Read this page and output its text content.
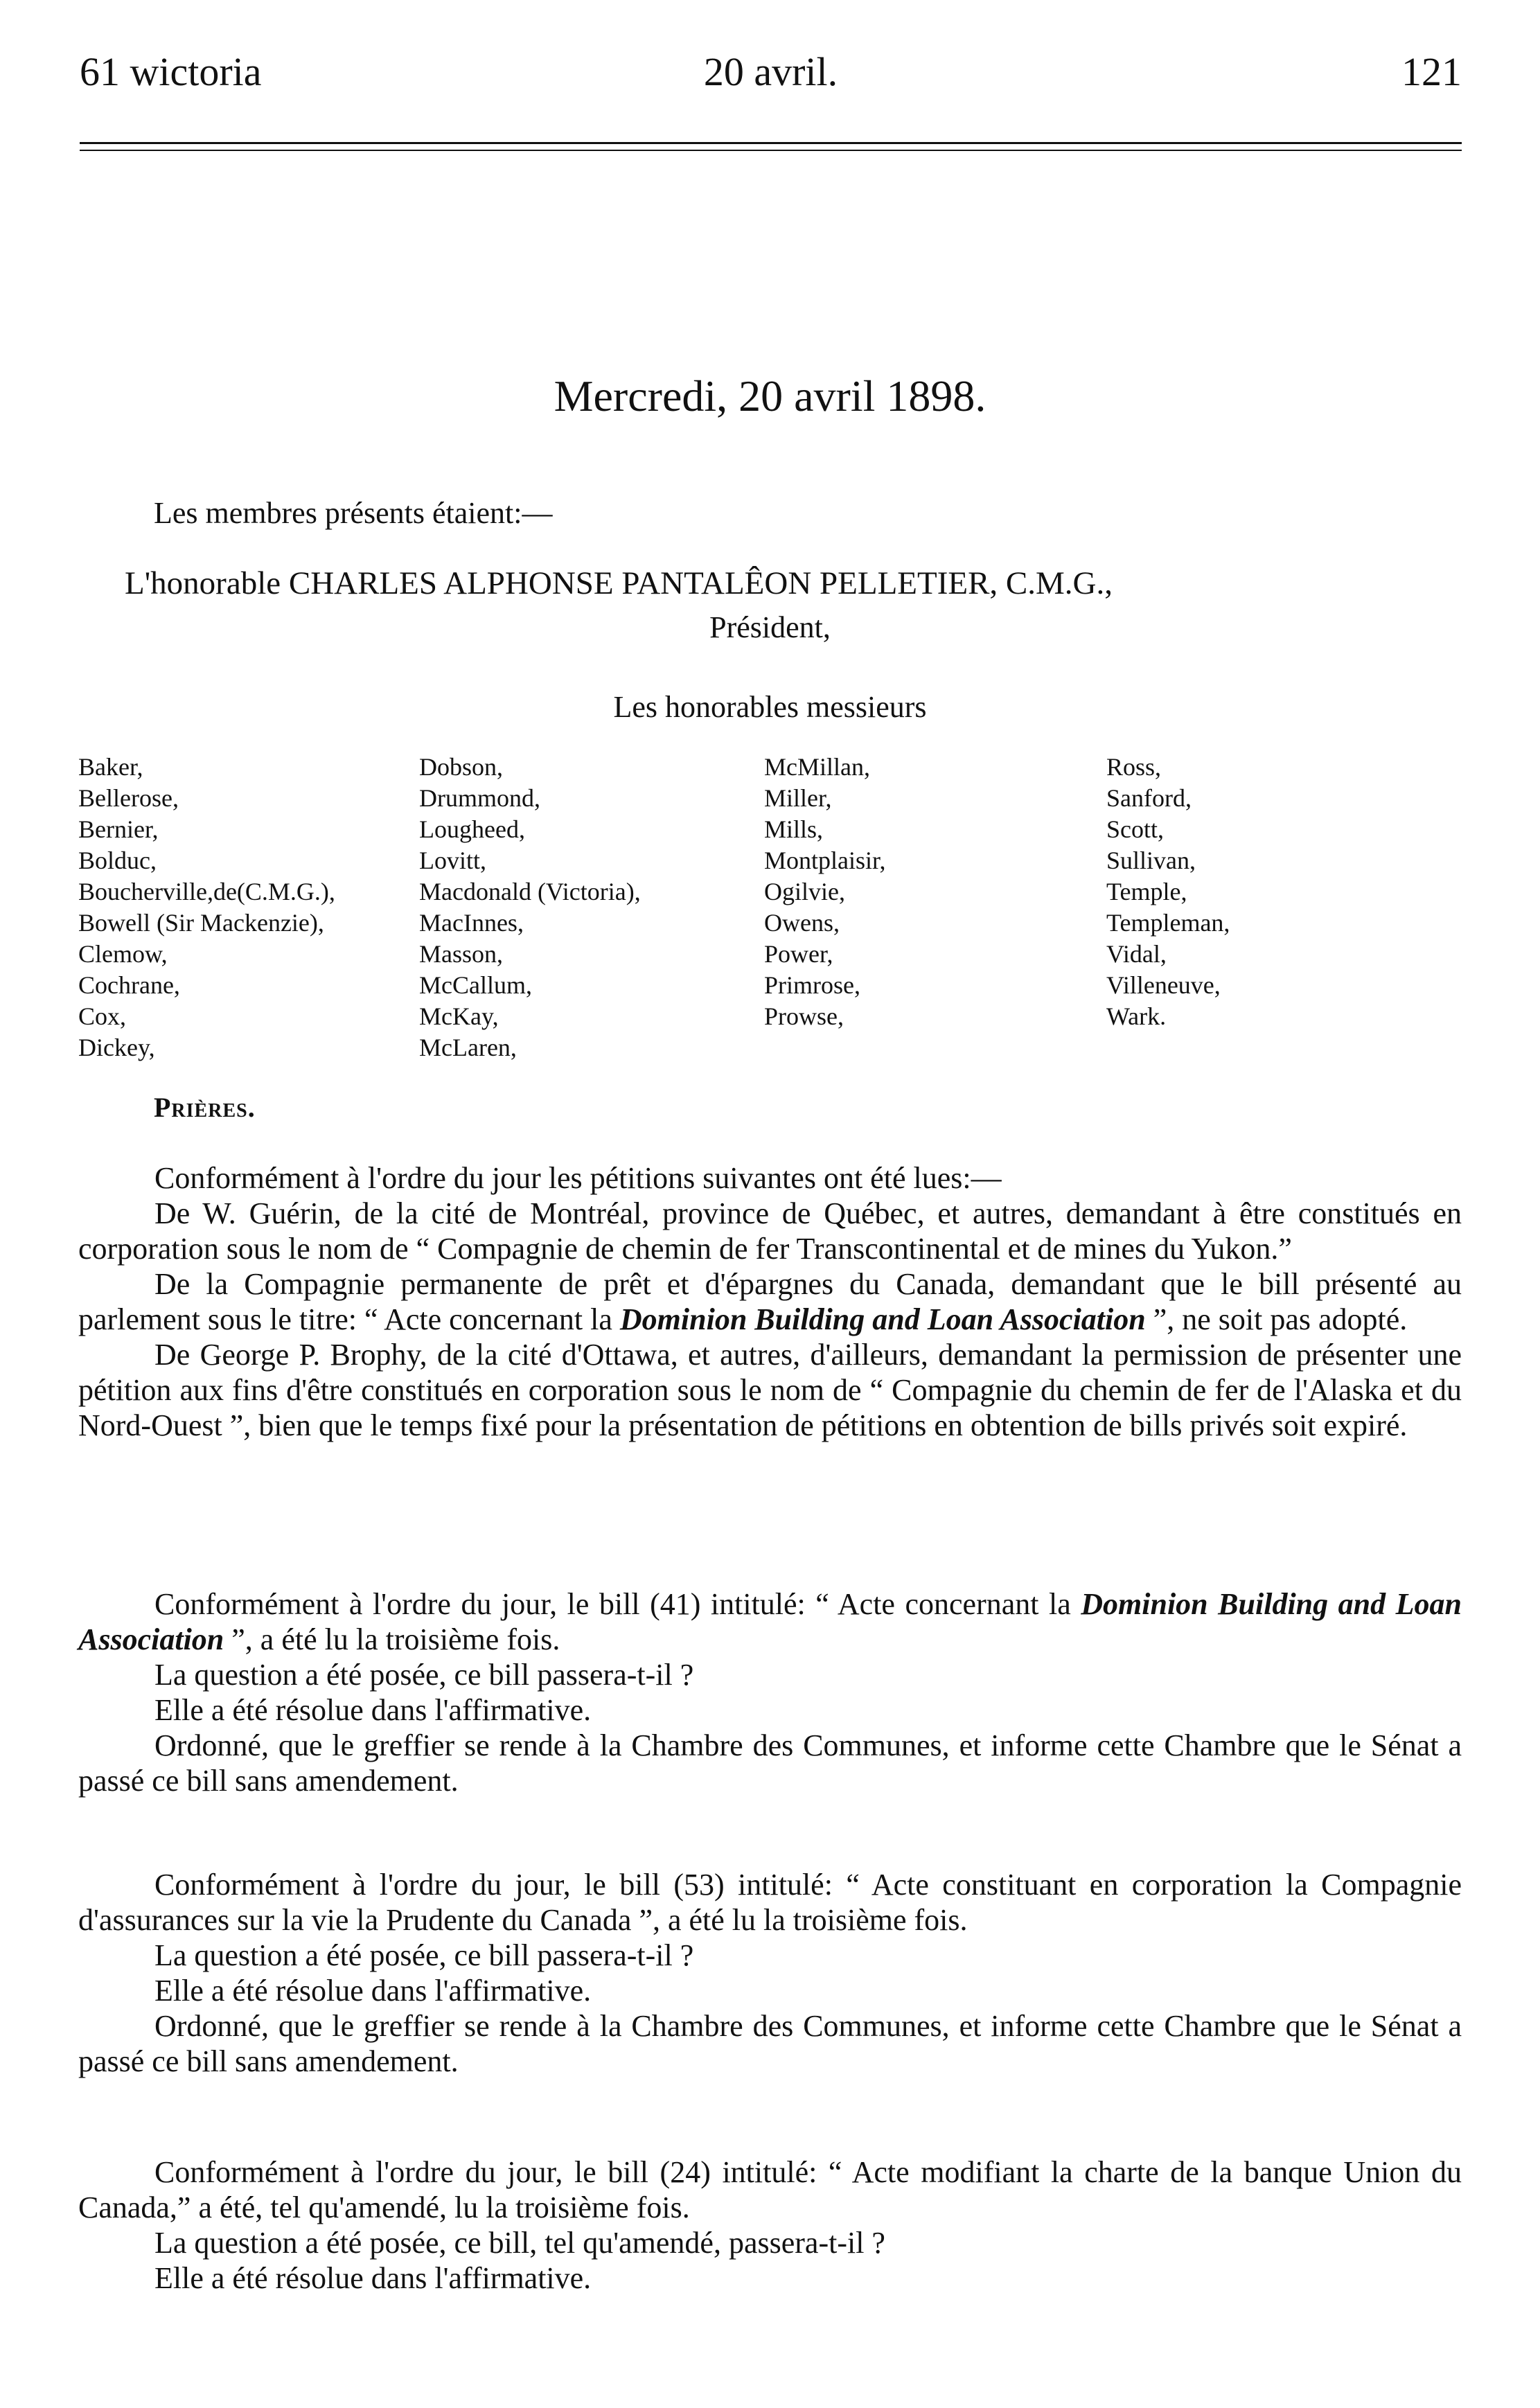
61 wictoria	20 avril.	121
Mercredi, 20 avril 1898.
Les membres présents étaient:—
L'honorable CHARLES ALPHONSE PANTALÊON PELLETIER, C.M.G.,
Président,
Les honorables messieurs
Baker,
Bellerose,
Bernier,
Bolduc,
Boucherville,de(C.M.G.),
Bowell (Sir Mackenzie),
Clemow,
Cochrane,
Cox,
Dickey,
Dobson,
Drummond,
Lougheed,
Lovitt,
Macdonald (Victoria),
MacInnes,
Masson,
McCallum,
McKay,
McLaren,
McMillan,
Miller,
Mills,
Montplaisir,
Ogilvie,
Owens,
Power,
Primrose,
Prowse,
Ross,
Sanford,
Scott,
Sullivan,
Temple,
Templeman,
Vidal,
Villeneuve,
Wark.
Prières.

Conformément à l'ordre du jour les pétitions suivantes ont été lues:—

De W. Guérin, de la cité de Montréal, province de Québec, et autres, demandant à être constitués en corporation sous le nom de “ Compagnie de chemin de fer Transcontinental et de mines du Yukon.”

De la Compagnie permanente de prêt et d'épargnes du Canada, demandant que le bill présenté au parlement sous le titre: “ Acte concernant la Dominion Building and Loan Association ”, ne soit pas adopté.

De George P. Brophy, de la cité d'Ottawa, et autres, d'ailleurs, demandant la permission de présenter une pétition aux fins d'être constitués en corporation sous le nom de “ Compagnie du chemin de fer de l'Alaska et du Nord-Ouest ”, bien que le temps fixé pour la présentation de pétitions en obtention de bills privés soit expiré.

Conformément à l'ordre du jour, le bill (41) intitulé: “ Acte concernant la Dominion Building and Loan Association ”, a été lu la troisième fois.

La question a été posée, ce bill passera-t-il ?

Elle a été résolue dans l'affirmative.

Ordonné, que le greffier se rende à la Chambre des Communes, et informe cette Chambre que le Sénat a passé ce bill sans amendement.

Conformément à l'ordre du jour, le bill (53) intitulé: “ Acte constituant en corporation la Compagnie d'assurances sur la vie la Prudente du Canada ”, a été lu la troisième fois.

La question a été posée, ce bill passera-t-il ?

Elle a été résolue dans l'affirmative.

Ordonné, que le greffier se rende à la Chambre des Communes, et informe cette Chambre que le Sénat a passé ce bill sans amendement.

Conformément à l'ordre du jour, le bill (24) intitulé: “ Acte modifiant la charte de la banque Union du Canada,” a été, tel qu'amendé, lu la troisième fois.

La question a été posée, ce bill, tel qu'amendé, passera-t-il ?

Elle a été résolue dans l'affirmative.
